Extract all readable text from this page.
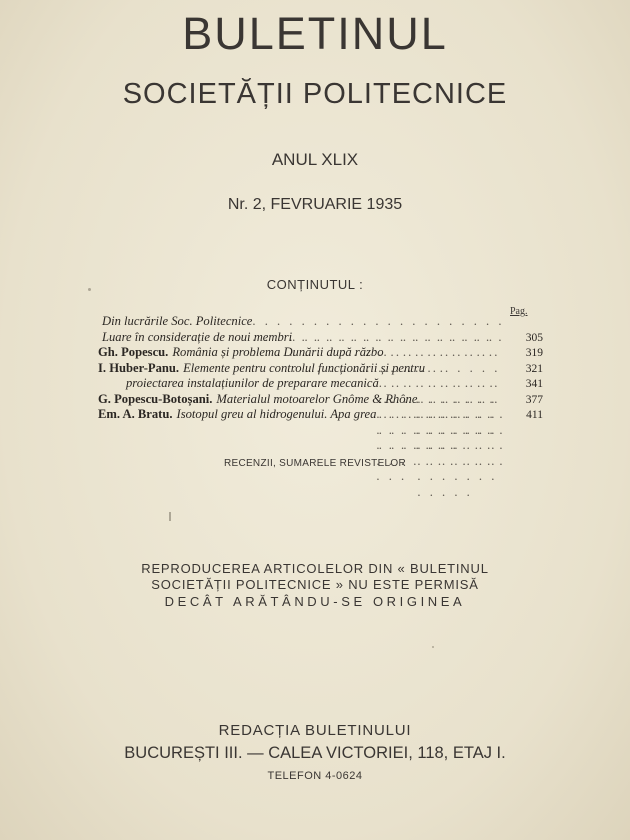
BULETINUL
SOCIETĂȚII POLITECNICE
ANUL XLIX
Nr. 2, FEVRUARIE 1935
CONȚINUTUL :
Pag.
Din lucrările Soc. Politecnice
. . .
Luare în considerație de noui membri . . .	305
Gh. Popescu. România și problema Dunării după războ . . .	319
I. Huber-Panu. Elemente pentru controlul funcționării și pentru	321
proiectarea instalațiunilor de preparare mecanică . . .	341
G. Popescu-Botoșani. Materialul motoarelor Gnôme & Rhône . . .	377
Em. A. Bratu. Isotopul greu al hidrogenului. Apa grea . . .	411
RECENZII, SUMARELE REVISTELOR
REPRODUCEREA ARTICOLELOR DIN « BULETINUL
SOCIETĂȚII POLITECNICE » NU ESTE PERMISĂ
DECÂT ARĂTÂNDU-SE ORIGINEA
REDACȚIA BULETINULUI
BUCUREȘTI III. — CALEA VICTORIEI, 118, ETAJ I.
TELEFON 4-0624
